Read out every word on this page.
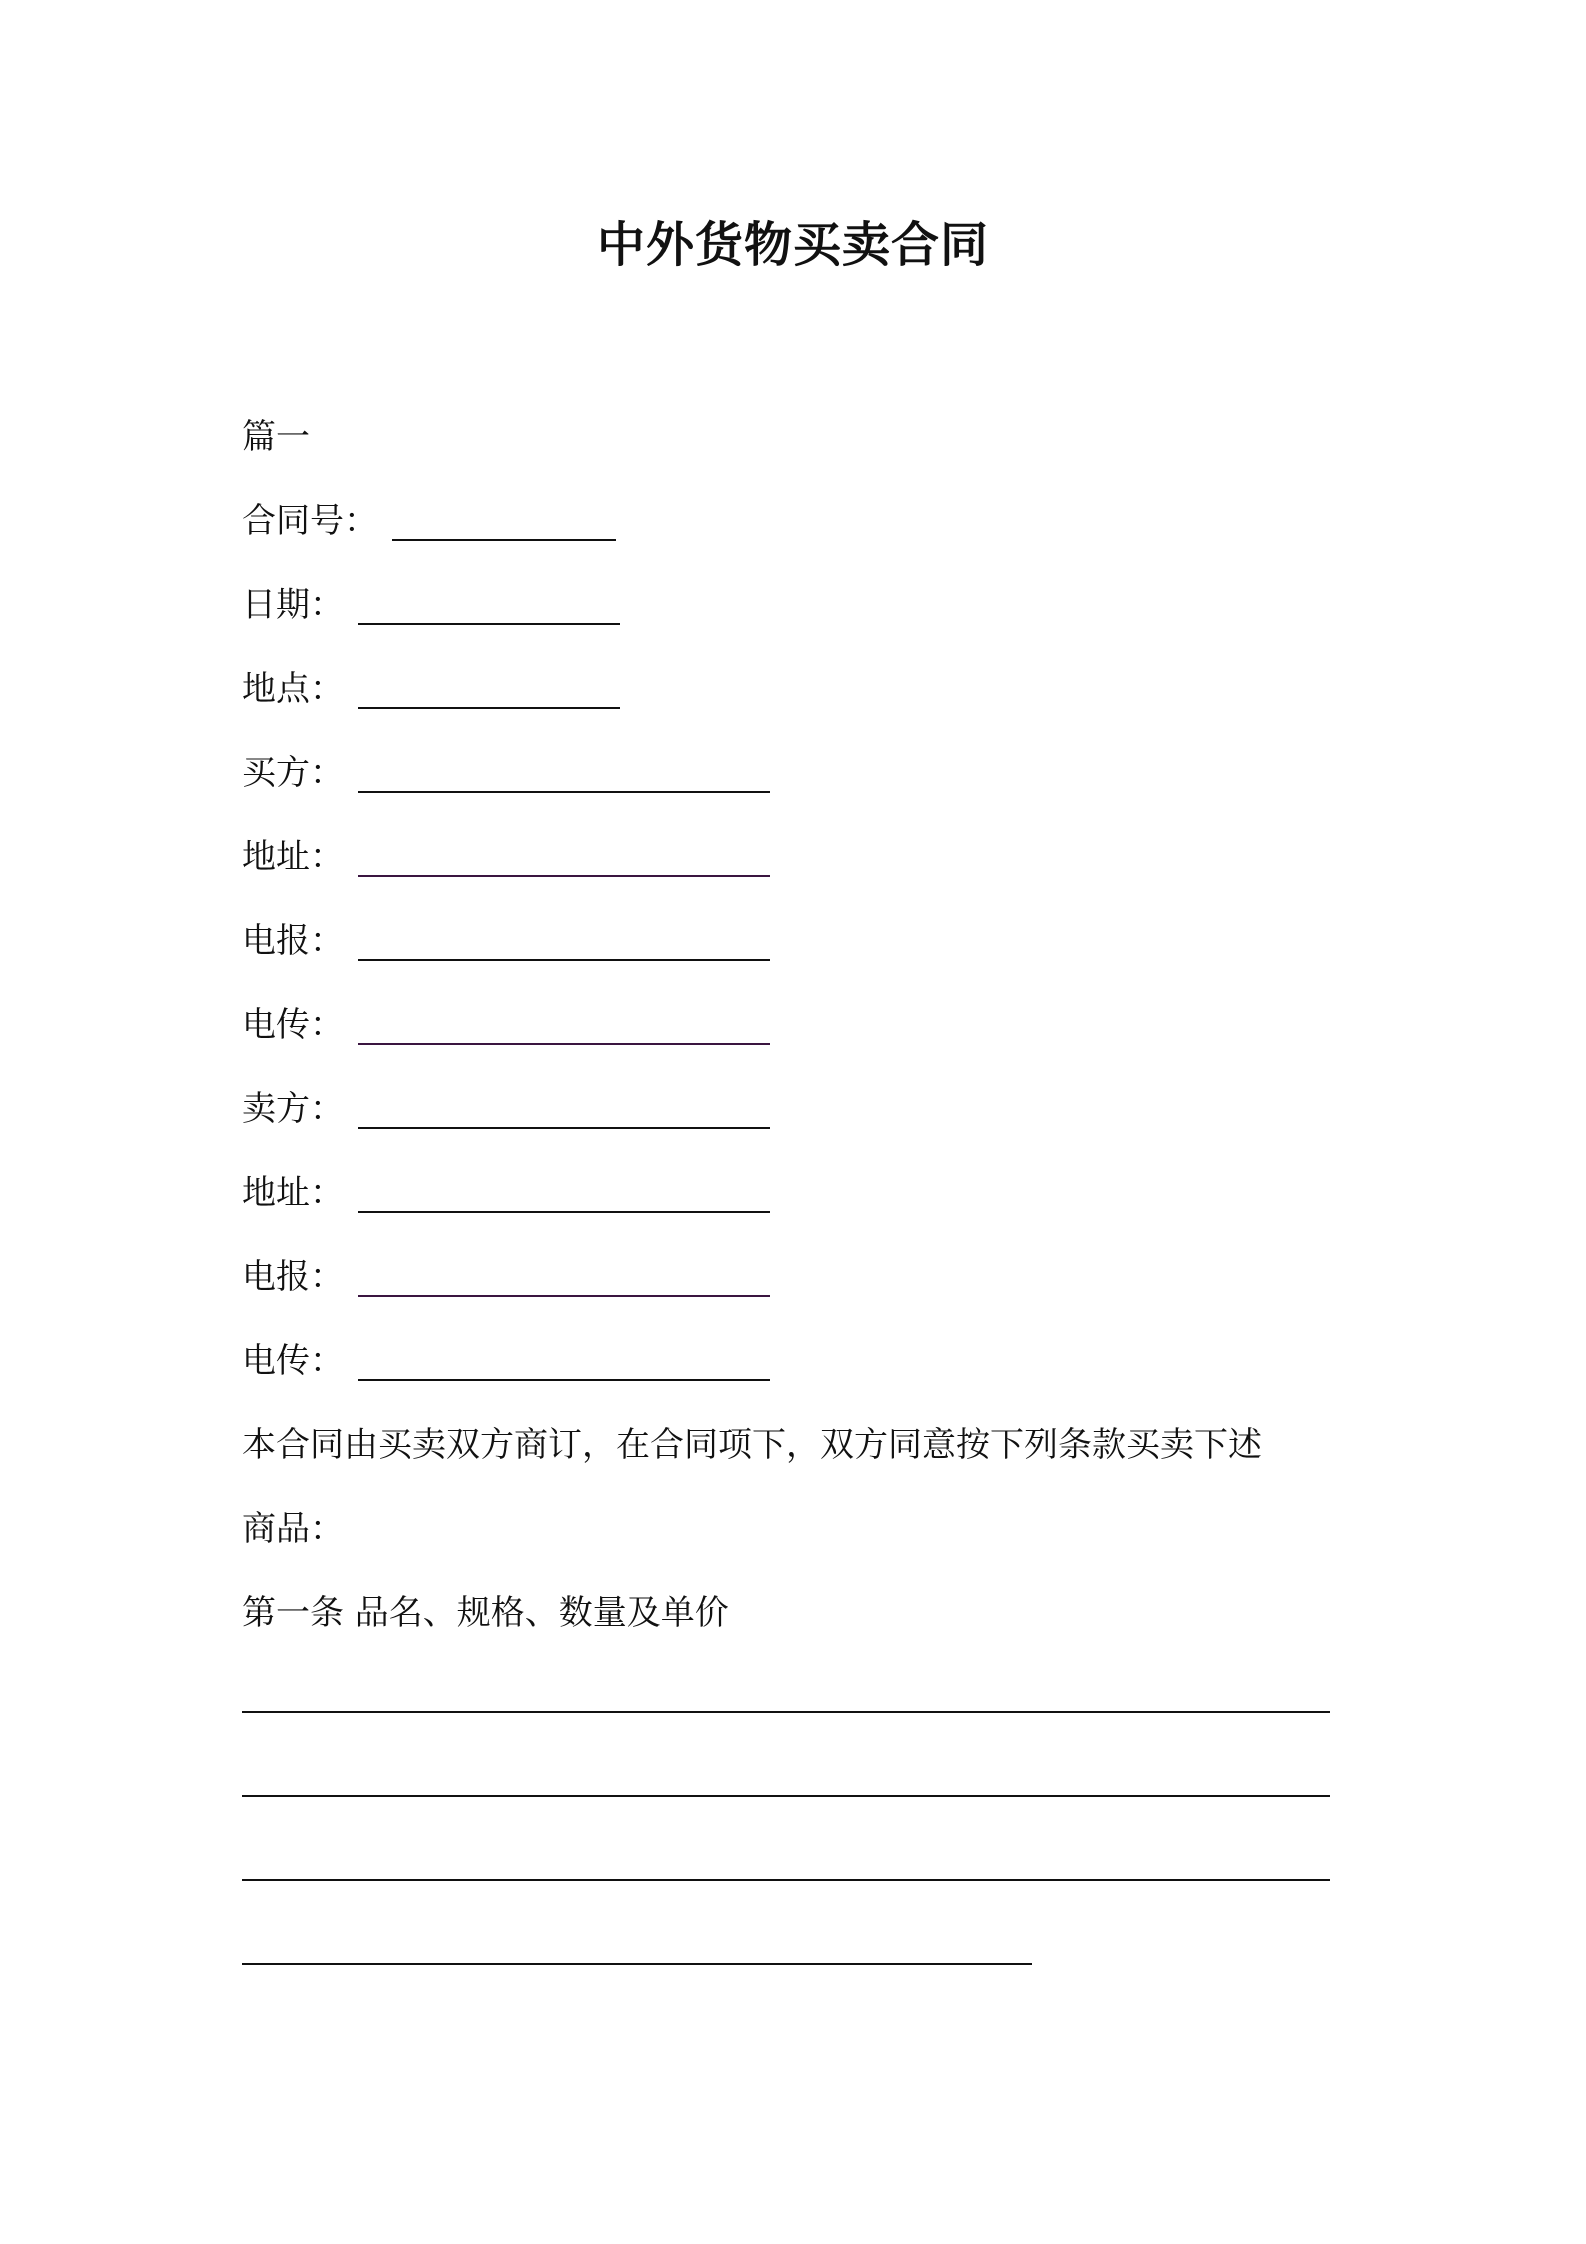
中外货物买卖合同
篇一
合同号：
日期：
地点：
买方：
地址：
电报：
电传：
卖方：
地址：
电报：
电传：
本合同由买卖双方商订，在合同项下，双方同意按下列条款买卖下述
商品：
第一条 品名、规格、数量及单价
